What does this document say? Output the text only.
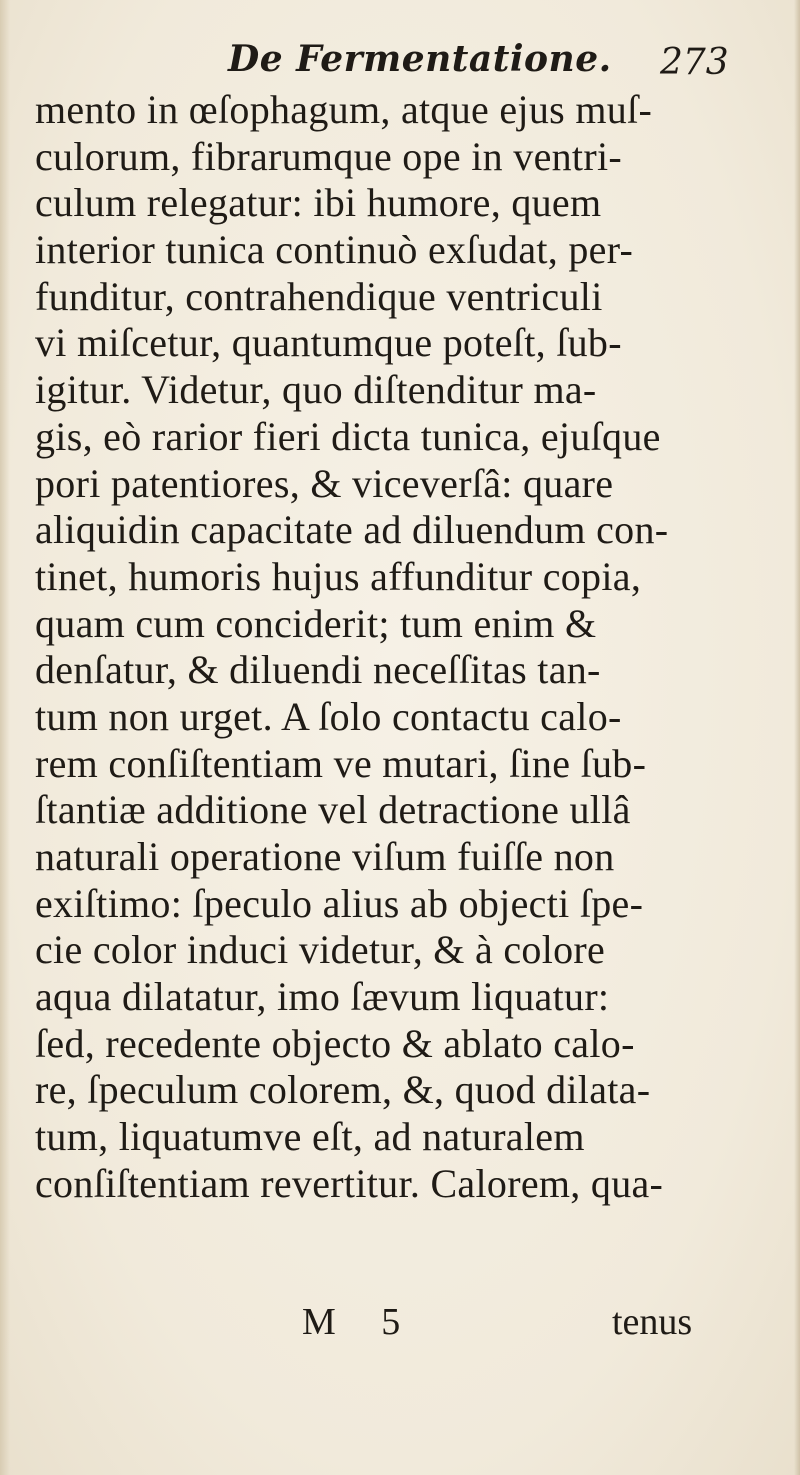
De Fermentatione. 273
mento in œſophagum, atque ejus muſ-
culorum, fibrarumque ope in ventri-
culum relegatur: ibi humore, quem
interior tunica continuò exſudat, per-
funditur, contrahendique ventriculi
vi miſcetur, quantumque poteſt, ſub-
igitur. Videtur, quo diſtenditur ma-
gis, eò rarior fieri dicta tunica, ejuſque
pori patentiores, & viceverſâ: quare
aliquidin capacitate ad diluendum con-
tinet, humoris hujus affunditur copia,
quam cum conciderit; tum enim &
denſatur, & diluendi neceſſitas tan-
tum non urget. A ſolo contactu calo-
rem conſiſtentiam ve mutari, ſine ſub-
ſtantiæ additione vel detractione ullâ
naturali operatione viſum fuiſſe non
exiſtimo: ſpeculo alius ab objecti ſpe-
cie color induci videtur, & à colore
aqua dilatatur, imo ſævum liquatur:
ſed, recedente objecto & ablato calo-
re, ſpeculum colorem, &, quod dilata-
tum, liquatumve eſt, ad naturalem
conſiſtentiam revertitur. Calorem, qua-
M 5	tenus
